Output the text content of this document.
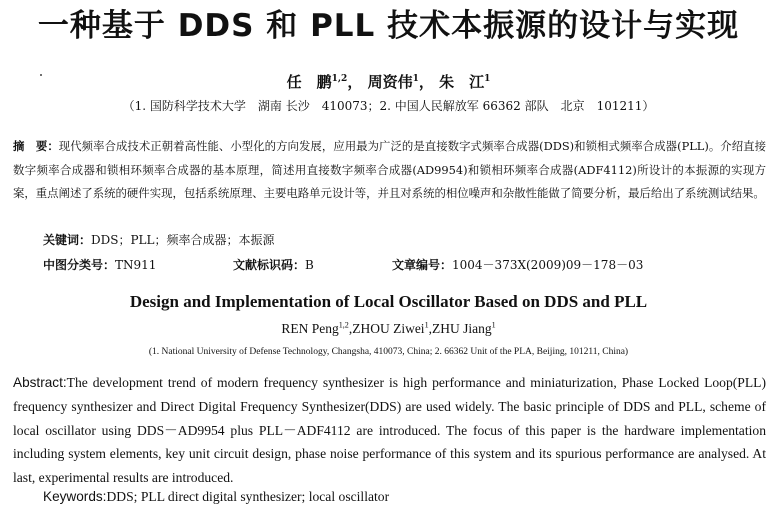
一种基于 DDS 和 PLL 技术本振源的设计与实现
任　鹏$^{1,2}$， 周资伟$^1$， 朱　江$^1$
（1. 国防科学技术大学　湖南 长沙　410073；2. 中国人民解放军 66362 部队　北京　101211）
摘　要：现代频率合成技术正朝着高性能、小型化的方向发展，应用最为广泛的是直接数字式频率合成器(DDS)和锁相式频率合成器(PLL)。介绍直接数字频率合成器和锁相环频率合成器的基本原理，简述用直接数字频率合成器(AD9954)和锁相环频率合成器(ADF4112)所设计的本振源的实现方案，重点阐述了系统的硬件实现，包括系统原理、主要电路单元设计等，并且对系统的相位噪声和杂散性能做了简要分析，最后给出了系统测试结果。
关键词：DDS；PLL；频率合成器；本振源
中图分类号：TN911	文献标识码：B	文章编号：1004－373X(2009)09－178－03
Design and Implementation of Local Oscillator Based on DDS and PLL
REN Peng$^{1,2}$,ZHOU Ziwei$^1$,ZHU Jiang$^1$
(1. National University of Defense Technology, Changsha, 410073, China; 2. 66362 Unit of the PLA, Beijing, 101211, China)
Abstract:The development trend of modern frequency synthesizer is high performance and miniaturization, Phase Locked Loop(PLL) frequency synthesizer and Direct Digital Frequency Synthesizer(DDS) are used widely. The basic principle of DDS and PLL, scheme of local oscillator using DDS－AD9954 plus PLL－ADF4112 are introduced. The focus of this paper is the hardware implementation including system elements, key unit circuit design, phase noise performance of this system and its spurious performance are analysed. At last, experimental results are introduced.
Keywords:DDS; PLL direct digital synthesizer; local oscillator
